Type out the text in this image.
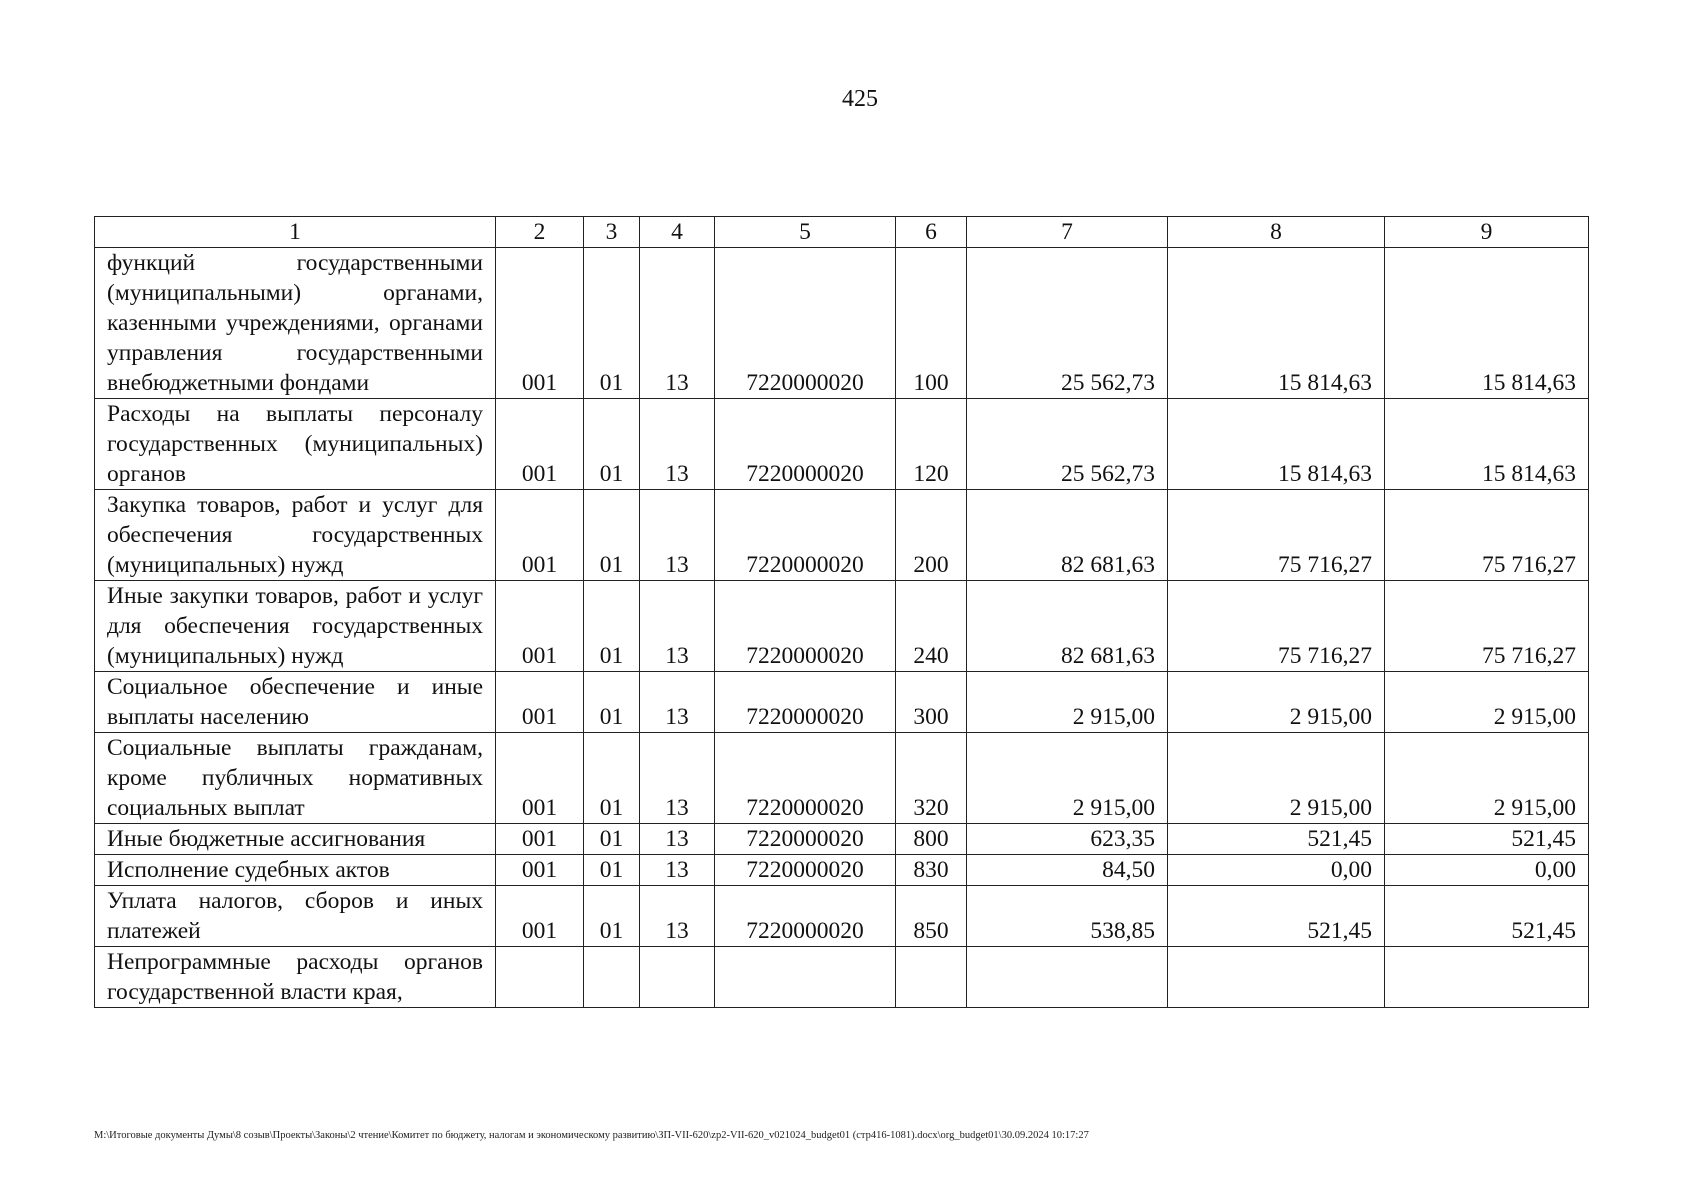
425
1	2	3	4	5	6	7	8	9
функций государственными (муниципальными) органами, казенными учреждениями, органами управления государственными внебюджетными фондами	001	01	13	7220000020	100	25 562,73	15 814,63	15 814,63
Расходы на выплаты персоналу государственных (муниципальных) органов	001	01	13	7220000020	120	25 562,73	15 814,63	15 814,63
Закупка товаров, работ и услуг для обеспечения государственных (муниципальных) нужд	001	01	13	7220000020	200	82 681,63	75 716,27	75 716,27
Иные закупки товаров, работ и услуг для обеспечения государственных (муниципальных) нужд	001	01	13	7220000020	240	82 681,63	75 716,27	75 716,27
Социальное обеспечение и иные выплаты населению	001	01	13	7220000020	300	2 915,00	2 915,00	2 915,00
Социальные выплаты гражданам, кроме публичных нормативных социальных выплат	001	01	13	7220000020	320	2 915,00	2 915,00	2 915,00
Иные бюджетные ассигнования	001	01	13	7220000020	800	623,35	521,45	521,45
Исполнение судебных актов	001	01	13	7220000020	830	84,50	0,00	0,00
Уплата налогов, сборов и иных платежей	001	01	13	7220000020	850	538,85	521,45	521,45
Непрограммные расходы органов государственной власти края,								
M:\Итоговые документы Думы\8 созыв\Проекты\Законы\2 чтение\Комитет по бюджету, налогам и экономическому развитию\ЗП-VII-620\zp2-VII-620_v021024_budget01 (стр416-1081).docx\org_budget01\30.09.2024 10:17:27
